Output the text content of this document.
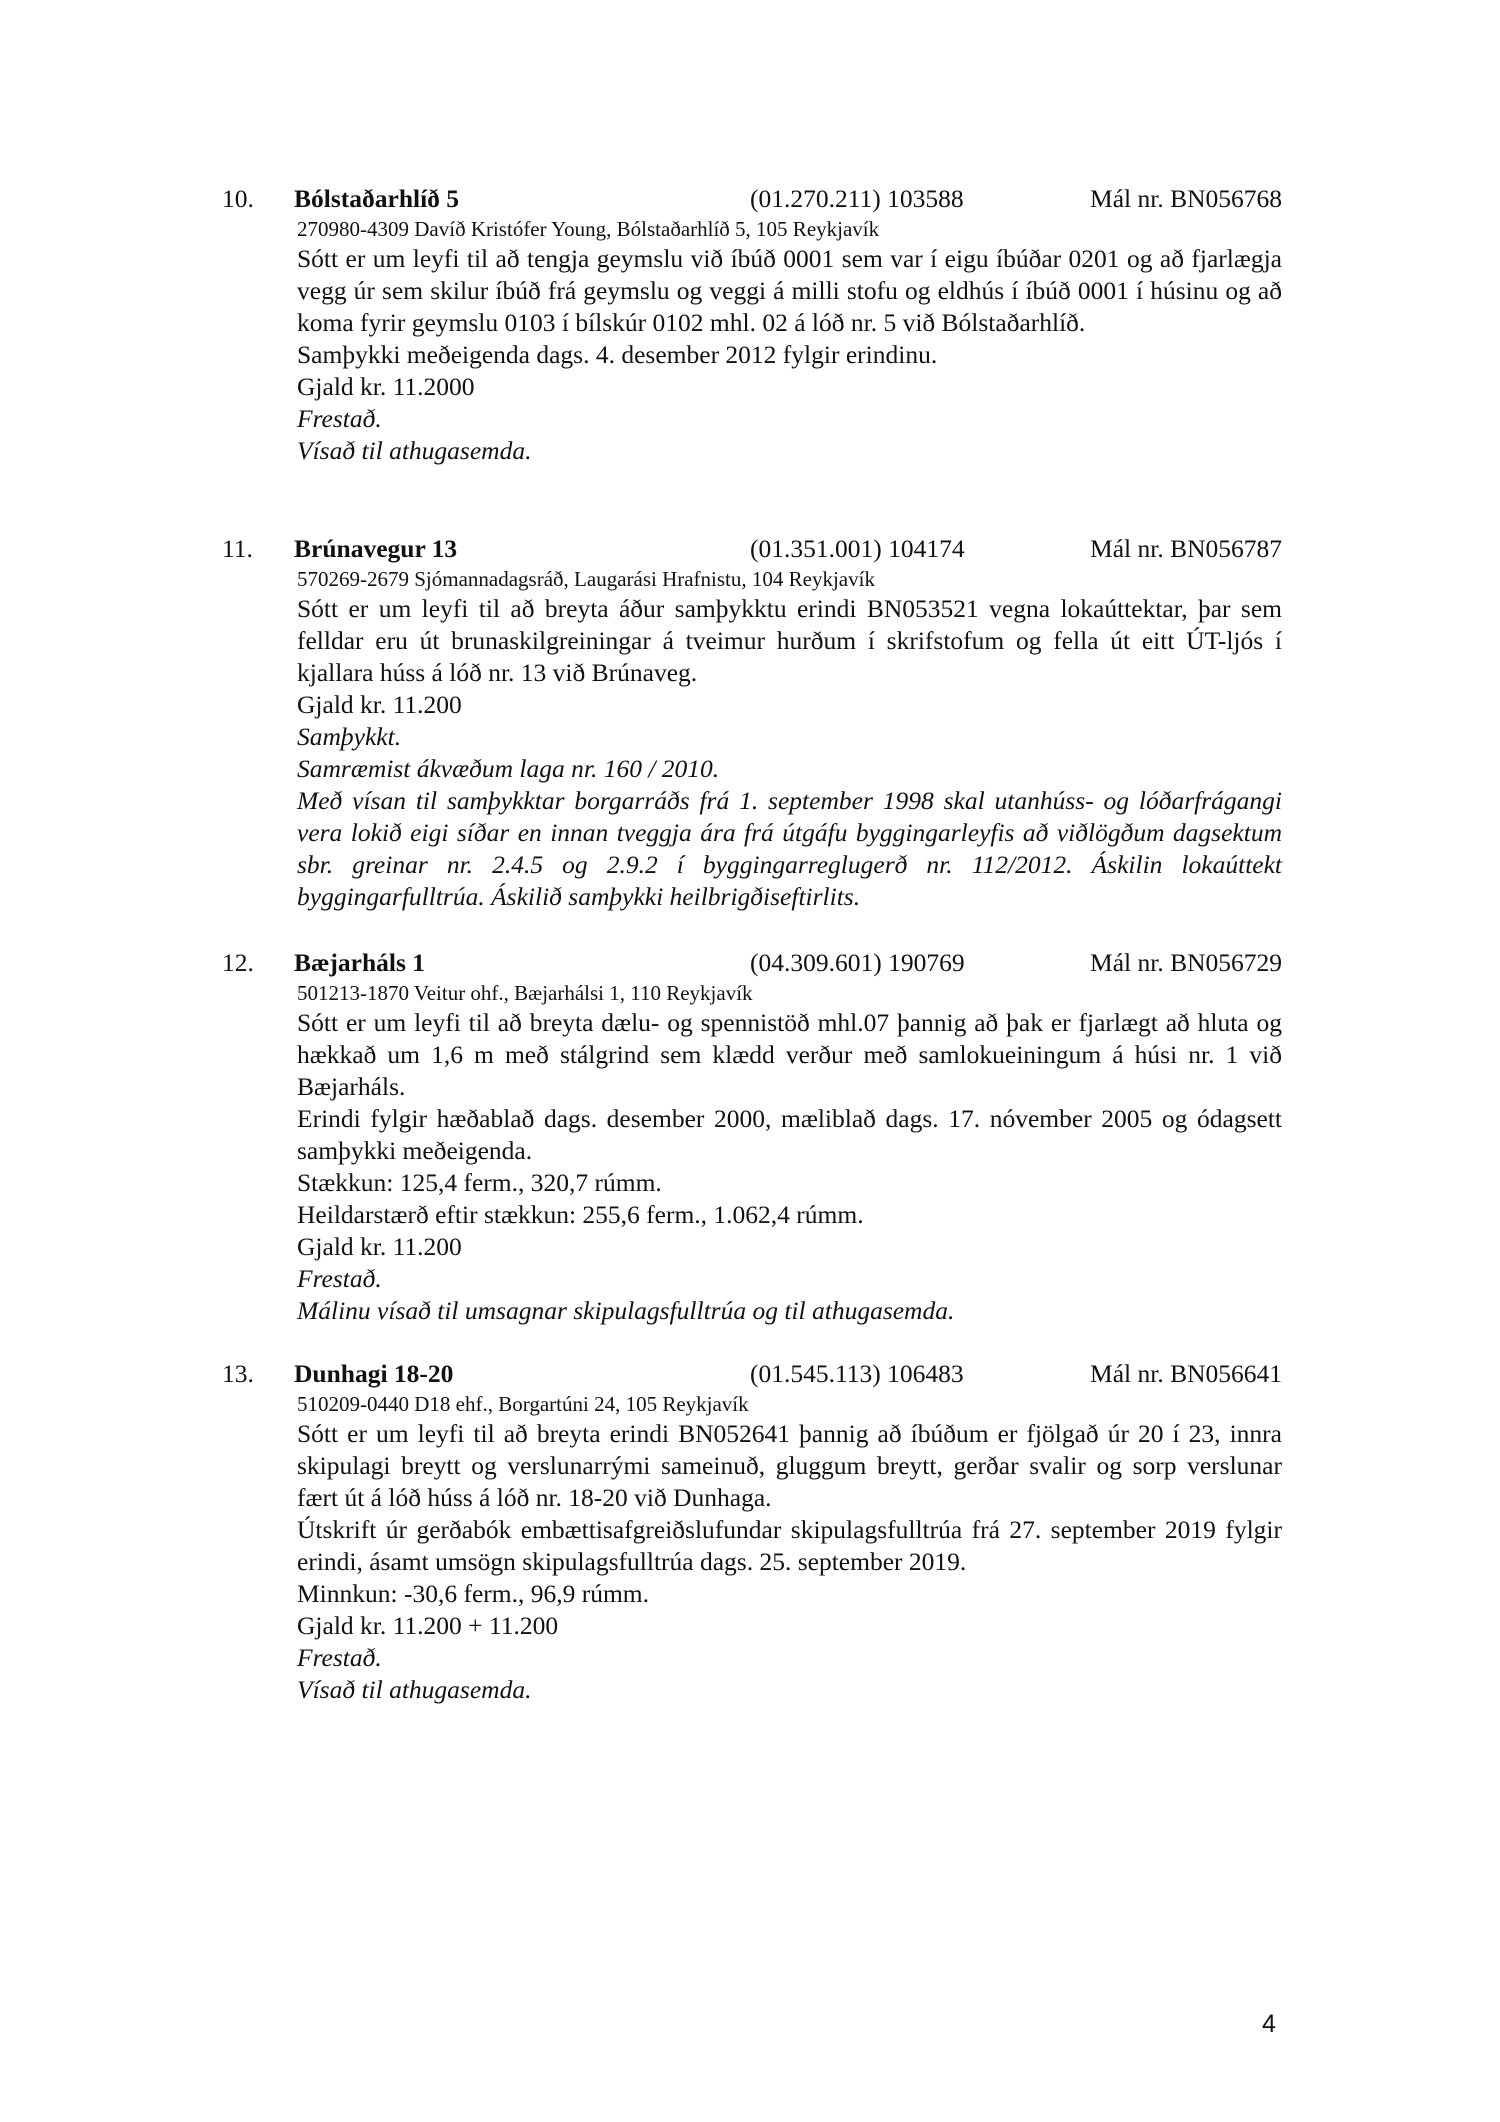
10. Bólstaðarhlíð 5	(01.270.211) 103588	Mál nr. BN056768
270980-4309 Davíð Kristófer Young, Bólstaðarhlíð 5, 105 Reykjavík

Sótt er um leyfi til að tengja geymslu við íbúð 0001 sem var í eigu íbúðar 0201 og að fjarlægja vegg úr sem skilur íbúð frá geymslu og veggi á milli stofu og eldhús í íbúð 0001 í húsinu og að koma fyrir geymslu 0103 í bílskúr 0102 mhl. 02 á lóð nr. 5 við Bólstaðarhlíð.

Samþykki meðeigenda dags. 4. desember 2012 fylgir erindinu.

Gjald kr. 11.2000

Frestað.

Vísað til athugasemda.

11. Brúnavegur 13	(01.351.001) 104174	Mál nr. BN056787
570269-2679 Sjómannadagsráð, Laugarási Hrafnistu, 104 Reykjavík

Sótt er um leyfi til að breyta áður samþykktu erindi BN053521 vegna lokaúttektar, þar sem felldar eru út brunaskilgreiningar á tveimur hurðum í skrifstofum og fella út eitt ÚT-ljós í kjallara húss á lóð nr. 13 við Brúnaveg.

Gjald kr. 11.200

Samþykkt.

Samræmist ákvæðum laga nr. 160 / 2010.

Með vísan til samþykktar borgarráðs frá 1. september 1998 skal utanhúss- og lóðarfrágangi vera lokið eigi síðar en innan tveggja ára frá útgáfu byggingarleyfis að viðlögðum dagsektum sbr. greinar nr. 2.4.5 og 2.9.2 í byggingarreglugerð nr. 112/2012. Áskilin lokaúttekt byggingarfulltrúa. Áskilið samþykki heilbrigðiseftirlits.

12. Bæjarháls 1	(04.309.601) 190769	Mál nr. BN056729
501213-1870 Veitur ohf., Bæjarhálsi 1, 110 Reykjavík

Sótt er um leyfi til að breyta dælu- og spennistöð mhl.07 þannig að þak er fjarlægt að hluta og hækkað um 1,6 m með stálgrind sem klædd verður með samlokueiningum á húsi nr. 1 við Bæjarháls.

Erindi fylgir hæðablað dags. desember 2000, mæliblað dags. 17. nóvember 2005 og ódagsett samþykki meðeigenda.

Stækkun: 125,4 ferm., 320,7 rúmm.

Heildarstærð eftir stækkun: 255,6 ferm., 1.062,4 rúmm.

Gjald kr. 11.200

Frestað.

Málinu vísað til umsagnar skipulagsfulltrúa og til athugasemda.

13. Dunhagi 18-20	(01.545.113) 106483	Mál nr. BN056641
510209-0440 D18 ehf., Borgartúni 24, 105 Reykjavík

Sótt er um leyfi til að breyta erindi BN052641 þannig að íbúðum er fjölgað úr 20 í 23, innra skipulagi breytt og verslunarrými sameinuð, gluggum breytt, gerðar svalir og sorp verslunar fært út á lóð húss á lóð nr. 18-20 við Dunhaga.

Útskrift úr gerðabók embættisafgreiðslufundar skipulagsfulltrúa frá 27. september 2019 fylgir erindi, ásamt umsögn skipulagsfulltrúa dags. 25. september 2019.

Minnkun: -30,6 ferm., 96,9 rúmm.

Gjald kr. 11.200 + 11.200

Frestað.

Vísað til athugasemda.

4
